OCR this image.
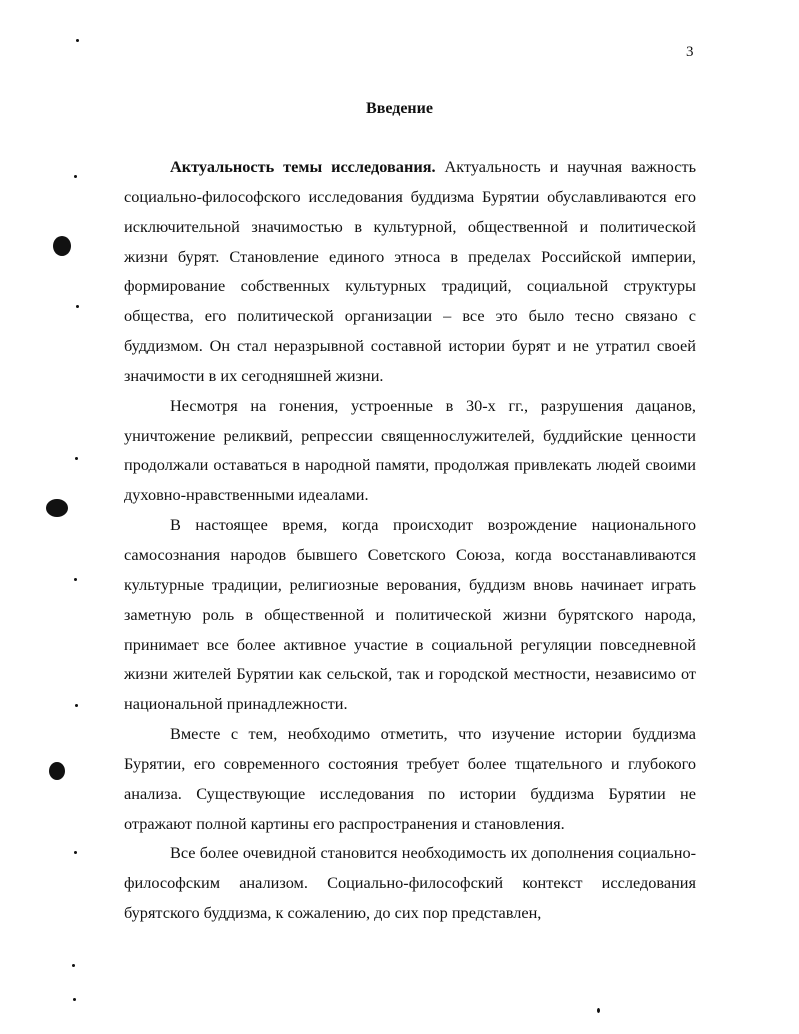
3
Введение

Актуальность темы исследования. Актуальность и научная важность социально-философского исследования буддизма Бурятии обуславливаются его исключительной значимостью в культурной, общественной и политической жизни бурят. Становление единого этноса в пределах Российской империи, формирование собственных культурных традиций, социальной структуры общества, его политической организации – все это было тесно связано с буддизмом. Он стал неразрывной составной истории бурят и не утратил своей значимости в их сегодняшней жизни.

Несмотря на гонения, устроенные в 30-х гг., разрушения дацанов, уничтожение реликвий, репрессии священнослужителей, буддийские ценности продолжали оставаться в народной памяти, продолжая привлекать людей своими духовно-нравственными идеалами.

В настоящее время, когда происходит возрождение национального самосознания народов бывшего Советского Союза, когда восстанавливаются культурные традиции, религиозные верования, буддизм вновь начинает играть заметную роль в общественной и политической жизни бурятского народа, принимает все более активное участие в социальной регуляции повседневной жизни жителей Бурятии как сельской, так и городской местности, независимо от национальной принадлежности.

Вместе с тем, необходимо отметить, что изучение истории буддизма Бурятии, его современного состояния требует более тщательного и глубокого анализа. Существующие исследования по истории буддизма Бурятии не отражают полной картины его распространения и становления.

Все более очевидной становится необходимость их дополнения социально-философским анализом. Социально-философский контекст исследования бурятского буддизма, к сожалению, до сих пор представлен,
